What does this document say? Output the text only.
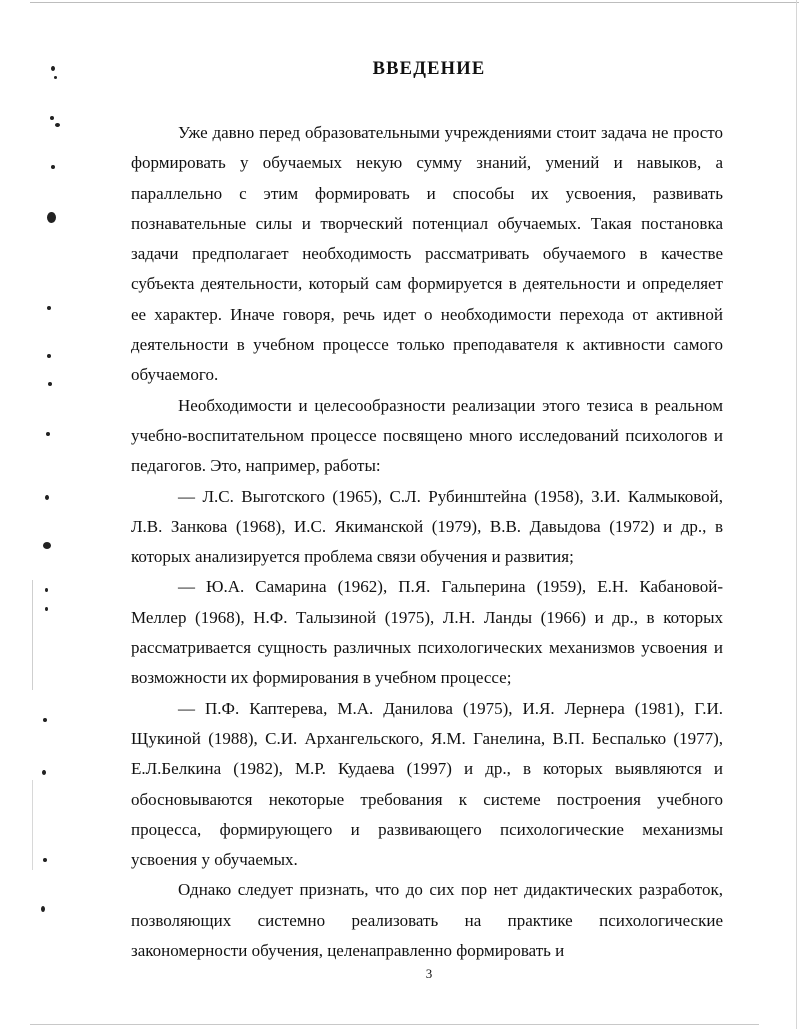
ВВЕДЕНИЕ

Уже давно перед образовательными учреждениями стоит задача не просто формировать у обучаемых некую сумму знаний, умений и навыков, а параллельно с этим формировать и способы их усвоения, развивать познавательные силы и творческий потенциал обучаемых. Такая постановка задачи предполагает необходимость рассматривать обучаемого в качестве субъекта деятельности, который сам формируется в деятельности и определяет ее характер. Иначе говоря, речь идет о необходимости перехода от активной деятельности в учебном процессе только преподавателя к активности самого обучаемого.

Необходимости и целесообразности реализации этого тезиса в реальном учебно-воспитательном процессе посвящено много исследований психологов и педагогов. Это, например, работы:

— Л.С. Выготского (1965), С.Л. Рубинштейна (1958), З.И. Калмыковой, Л.В. Занкова (1968), И.С. Якиманской (1979), В.В. Давыдова (1972) и др., в которых анализируется проблема связи обучения и развития;

— Ю.А. Самарина (1962), П.Я. Гальперина (1959), Е.Н. Кабановой-Меллер (1968), Н.Ф. Талызиной (1975), Л.Н. Ланды (1966) и др., в которых рассматривается сущность различных психологических механизмов усвоения и возможности их формирования в учебном процессе;

— П.Ф. Каптерева, М.А. Данилова (1975), И.Я. Лернера (1981), Г.И. Щукиной (1988), С.И. Архангельского, Я.М. Ганелина, В.П. Беспалько (1977), Е.Л.Белкина (1982), М.Р. Кудаева (1997) и др., в которых выявляются и обосновываются некоторые требования к системе построения учебного процесса, формирующего и развивающего психологические механизмы усвоения у обучаемых.

Однако следует признать, что до сих пор нет дидактических разработок, позволяющих системно реализовать на практике психологические закономерности обучения, целенаправленно формировать и

3
